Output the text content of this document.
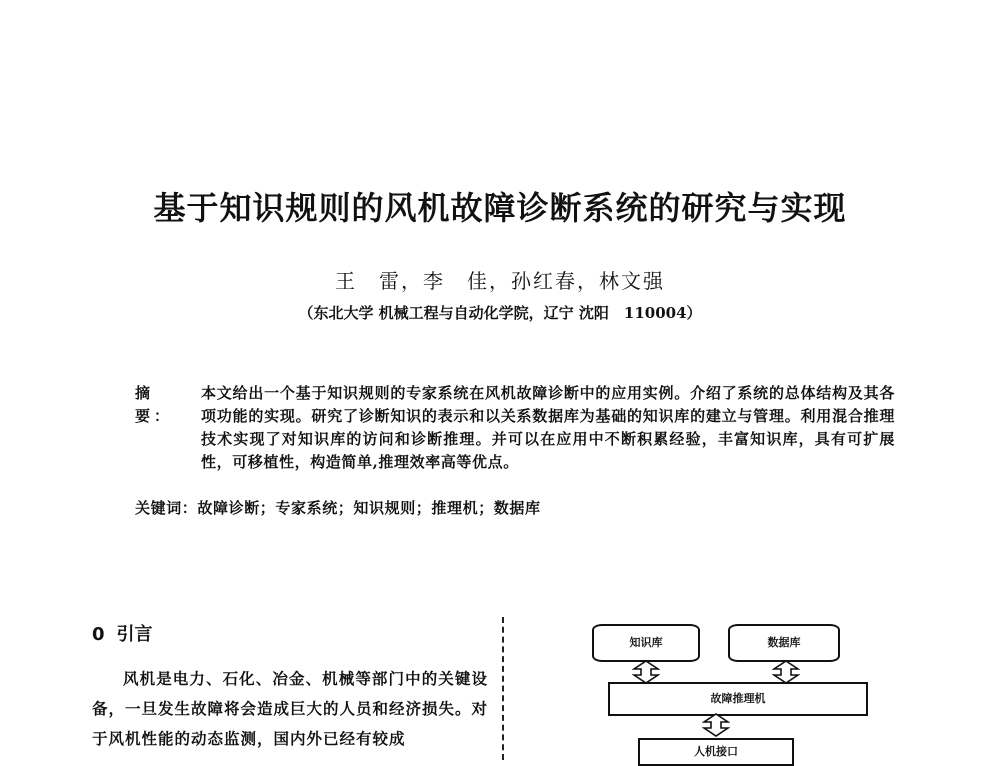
基于知识规则的风机故障诊断系统的研究与实现
王　雷，李　佳，孙红春，林文强
（东北大学 机械工程与自动化学院，辽宁 沈阳　110004）
摘　要：
本文给出一个基于知识规则的专家系统在风机故障诊断中的应用实例。介绍了系统的总体结构及其各项功能的实现。研究了诊断知识的表示和以关系数据库为基础的知识库的建立与管理。利用混合推理技术实现了对知识库的访问和诊断推理。并可以在应用中不断积累经验，丰富知识库，具有可扩展性，可移植性，构造简单,推理效率高等优点。
关键词：故障诊断；专家系统；知识规则；推理机；数据库
0 引言
风机是电力、石化、冶金、机械等部门中的关键设备，一旦发生故障将会造成巨大的人员和经济损失。对于风机性能的动态监测，国内外已经有较成
知识库	数据库
故障推理机
人机接口
